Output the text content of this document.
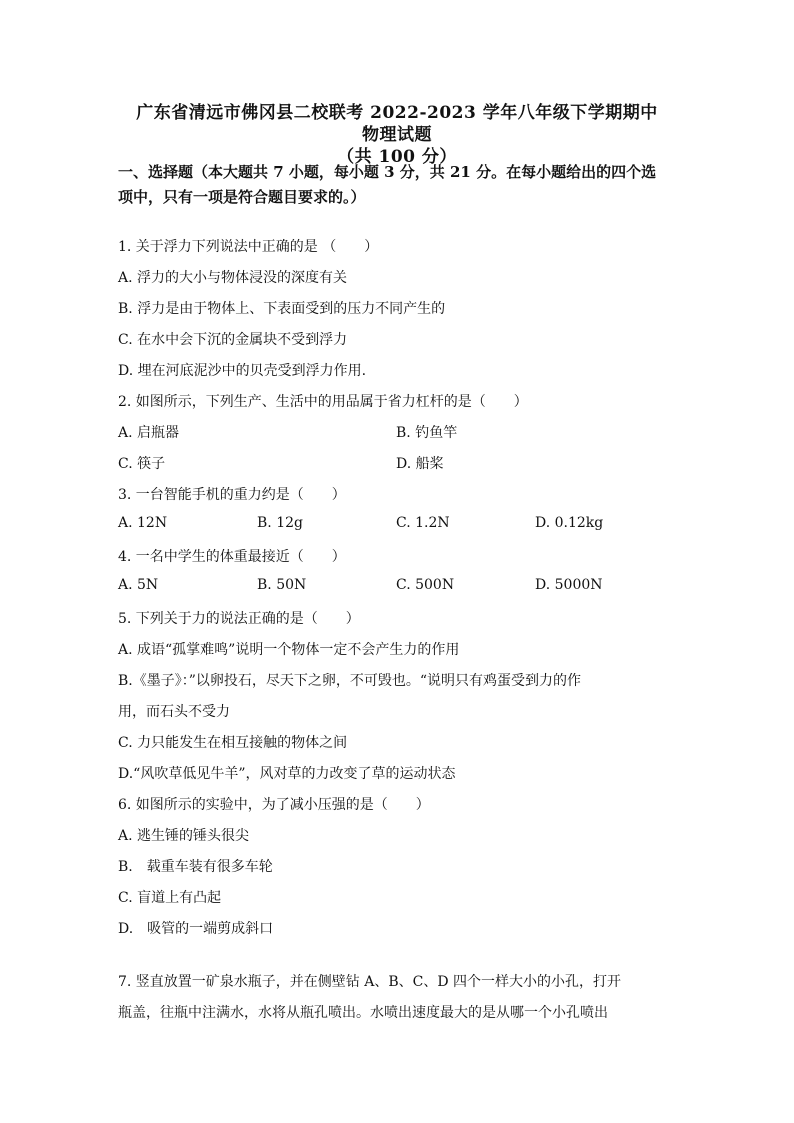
广东省清远市佛冈县二校联考 2022-2023 学年八年级下学期期中
物理试题
（共 100 分）
一、选择题（本大题共 7 小题，每小题 3 分，共 21 分。在每小题给出的四个选
项中，只有一项是符合题目要求的。）
1. 关于浮力下列说法中正确的是 （　　）
A. 浮力的大小与物体浸没的深度有关
B. 浮力是由于物体上、下表面受到的压力不同产生的
C. 在水中会下沉的金属块不受到浮力
D. 埋在河底泥沙中的贝壳受到浮力作用.
2. 如图所示，下列生产、生活中的用品属于省力杠杆的是（　　）
A. 启瓶器	B. 钓鱼竿
C. 筷子	D. 船桨
3. 一台智能手机的重力约是（　　）
A. 12N	B. 12g	C. 1.2N	D. 0.12kg
4. 一名中学生的体重最接近（　　）
A. 5N	B. 50N	C. 500N	D. 5000N
5. 下列关于力的说法正确的是（　　）
A. 成语“孤掌难鸣”说明一个物体一定不会产生力的作用
B.《墨子》：”以卵投石，尽天下之卵，不可毁也。“说明只有鸡蛋受到力的作
用，而石头不受力
C. 力只能发生在相互接触的物体之间
D.“风吹草低见牛羊”，风对草的力改变了草的运动状态
6. 如图所示的实验中，为了减小压强的是（　　）
A. 逃生锤的锤头很尖
B.　载重车装有很多车轮
C. 盲道上有凸起
D.　吸管的一端剪成斜口
7. 竖直放置一矿泉水瓶子，并在侧壁钻 A、B、C、D 四个一样大小的小孔，打开
瓶盖，往瓶中注满水，水将从瓶孔喷出。水喷出速度最大的是从哪一个小孔喷出
